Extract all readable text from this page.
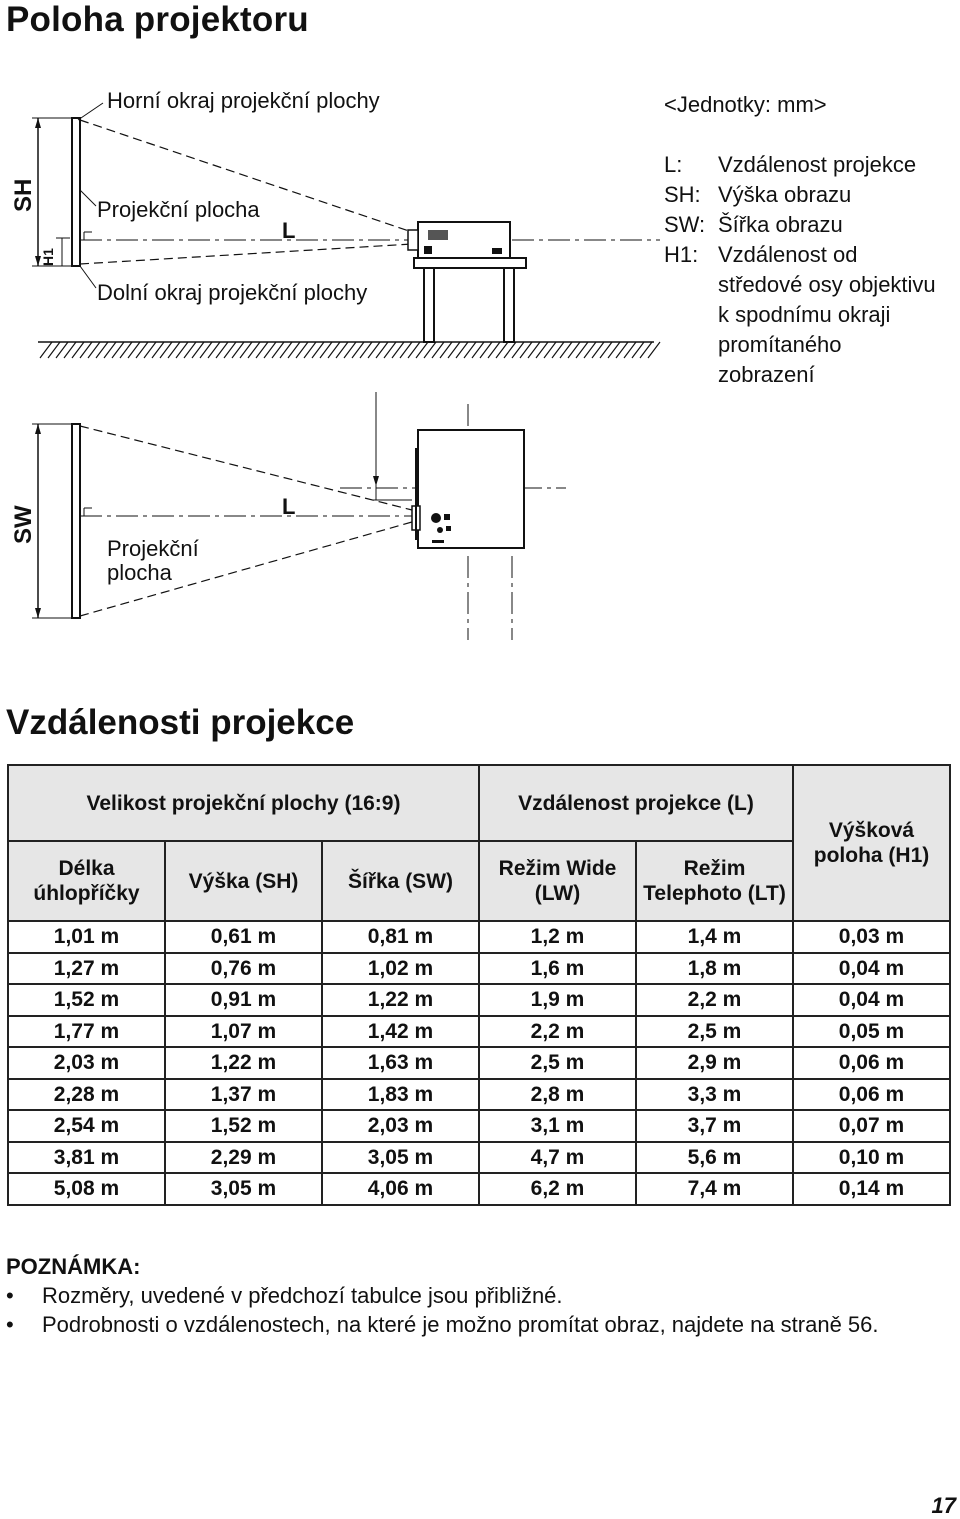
Poloha projektoru
Horní okraj projekční plochy
Projekční plocha
L
Dolní okraj projekční plochy
SH
H1
SW	L
Projekční
plocha
<Jednotky: mm>
L:	Vzdálenost projekce
SH: Výška obrazu
SW: Šířka obrazu
H1: Vzdálenost od středové osy objektivu k spodnímu okraji promítaného zobrazení
Vzdálenosti projekce
Velikost projekční plochy (16:9)			Vzdálenost projekce (L)		Výšková poloha (H1)
Délka úhlopříčky	Výška (SH)	Šířka (SW)	Režim Wide (LW)	Režim Telephoto (LT)	
1,01 m	0,61 m	0,81 m	1,2 m	1,4 m	0,03 m
1,27 m	0,76 m	1,02 m	1,6 m	1,8 m	0,04 m
1,52 m	0,91 m	1,22 m	1,9 m	2,2 m	0,04 m
1,77 m	1,07 m	1,42 m	2,2 m	2,5 m	0,05 m
2,03 m	1,22 m	1,63 m	2,5 m	2,9 m	0,06 m
2,28 m	1,37 m	1,83 m	2,8 m	3,3 m	0,06 m
2,54 m	1,52 m	2,03 m	3,1 m	3,7 m	0,07 m
3,81 m	2,29 m	3,05 m	4,7 m	5,6 m	0,10 m
5,08 m	3,05 m	4,06 m	6,2 m	7,4 m	0,14 m
POZNÁMKA:
• Rozměry, uvedené v předchozí tabulce jsou přibližné.
• Podrobnosti o vzdálenostech, na které je možno promítat obraz, najdete na straně 56.
17
